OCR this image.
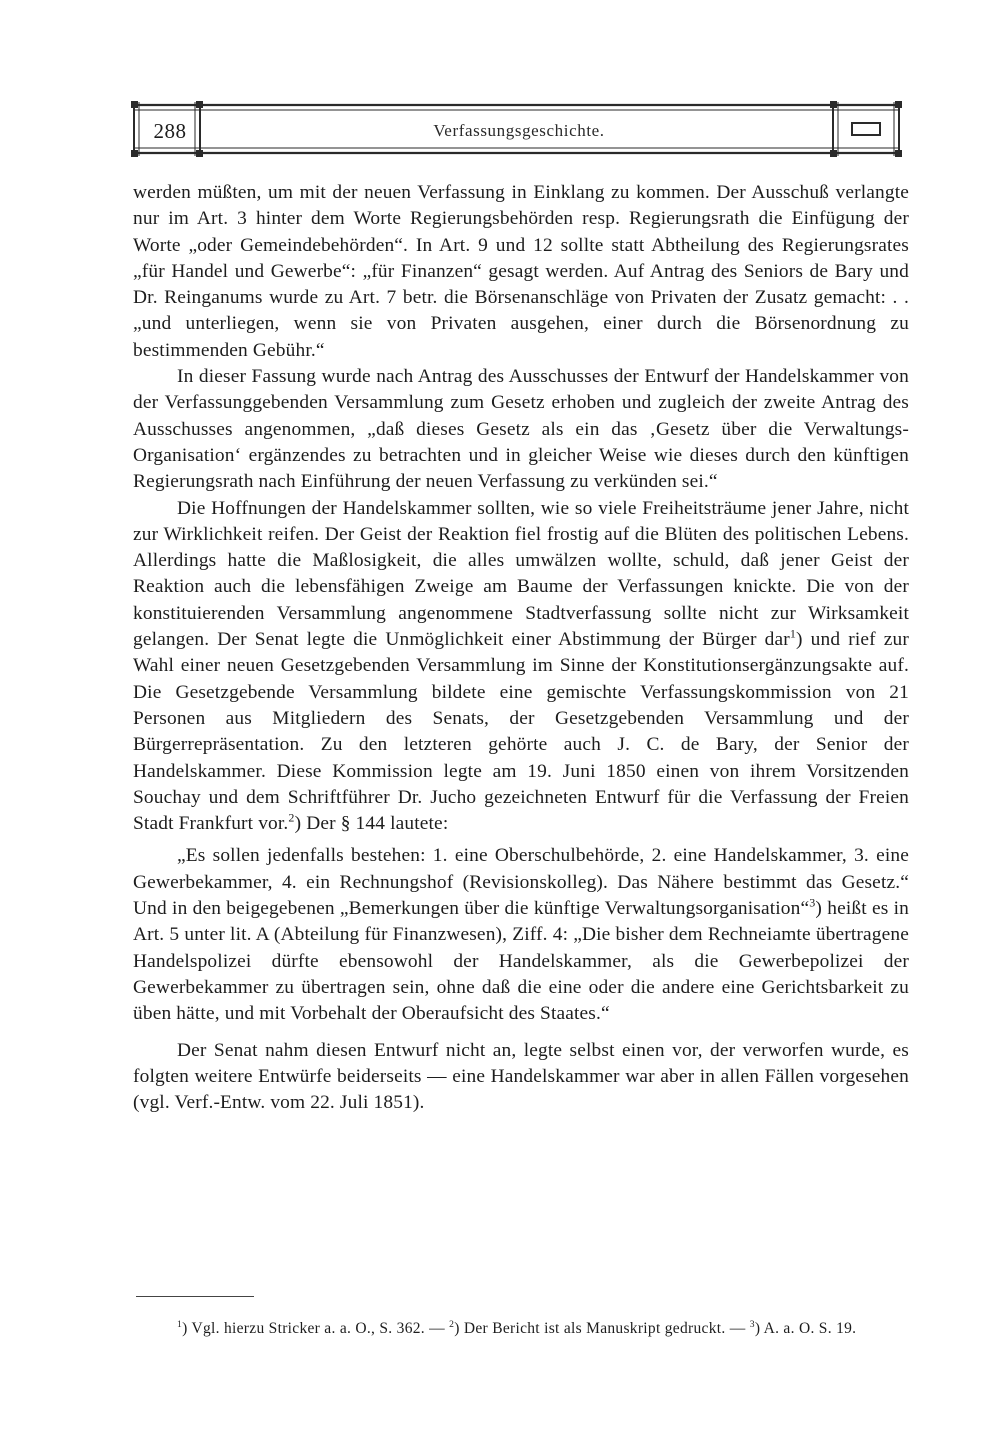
288	Verfassungsgeschichte.

werden müßten, um mit der neuen Verfassung in Einklang zu kommen. Der Ausschuß verlangte nur im Art. 3 hinter dem Worte Regierungsbehörden resp. Regierungsrath die Einfügung der Worte „oder Gemeindebehörden“. In Art. 9 und 12 sollte statt Abtheilung des Regierungsrates „für Handel und Gewerbe“: „für Finanzen“ gesagt werden. Auf Antrag des Seniors de Bary und Dr. Reinganums wurde zu Art. 7 betr. die Börsenanschläge von Privaten der Zusatz gemacht: . . „und unterliegen, wenn sie von Privaten ausgehen, einer durch die Börsenordnung zu bestimmenden Gebühr.“

In dieser Fassung wurde nach Antrag des Ausschusses der Entwurf der Handelskammer von der Verfassunggebenden Versammlung zum Gesetz erhoben und zugleich der zweite Antrag des Ausschusses angenommen, „daß dieses Gesetz als ein das ‚Gesetz über die Verwaltungs-Organisation‘ ergänzendes zu betrachten und in gleicher Weise wie dieses durch den künftigen Regierungsrath nach Einführung der neuen Verfassung zu verkünden sei.“

Die Hoffnungen der Handelskammer sollten, wie so viele Freiheitsträume jener Jahre, nicht zur Wirklichkeit reifen. Der Geist der Reaktion fiel frostig auf die Blüten des politischen Lebens. Allerdings hatte die Maßlosigkeit, die alles umwälzen wollte, schuld, daß jener Geist der Reaktion auch die lebensfähigen Zweige am Baume der Verfassungen knickte. Die von der konstituierenden Versammlung angenommene Stadtverfassung sollte nicht zur Wirksamkeit gelangen. Der Senat legte die Unmöglichkeit einer Abstimmung der Bürger dar$^1$) und rief zur Wahl einer neuen Gesetzgebenden Versammlung im Sinne der Konstitutionsergänzungsakte auf. Die Gesetzgebende Versammlung bildete eine gemischte Verfassungskommission von 21 Personen aus Mitgliedern des Senats, der Gesetzgebenden Versammlung und der Bürgerrepräsentation. Zu den letzteren gehörte auch J. C. de Bary, der Senior der Handelskammer. Diese Kommission legte am 19. Juni 1850 einen von ihrem Vorsitzenden Souchay und dem Schriftführer Dr. Jucho gezeichneten Entwurf für die Verfassung der Freien Stadt Frankfurt vor.$^2$) Der § 144 lautete:

„Es sollen jedenfalls bestehen: 1. eine Oberschulbehörde, 2. eine Handelskammer, 3. eine Gewerbekammer, 4. ein Rechnungshof (Revisionskolleg). Das Nähere bestimmt das Gesetz.“ Und in den beigegebenen „Bemerkungen über die künftige Verwaltungsorganisation“$^3$) heißt es in Art. 5 unter lit. A (Abteilung für Finanzwesen), Ziff. 4: „Die bisher dem Rechneiamte übertragene Handelspolizei dürfte ebensowohl der Handelskammer, als die Gewerbepolizei der Gewerbekammer zu übertragen sein, ohne daß die eine oder die andere eine Gerichtsbarkeit zu üben hätte, und mit Vorbehalt der Oberaufsicht des Staates.“

Der Senat nahm diesen Entwurf nicht an, legte selbst einen vor, der verworfen wurde, es folgten weitere Entwürfe beiderseits — eine Handelskammer war aber in allen Fällen vorgesehen (vgl. Verf.-Entw. vom 22. Juli 1851).

$^1$) Vgl. hierzu Stricker a. a. O., S. 362. — $^2$) Der Bericht ist als Manuskript gedruckt. — $^3$) A. a. O. S. 19.
